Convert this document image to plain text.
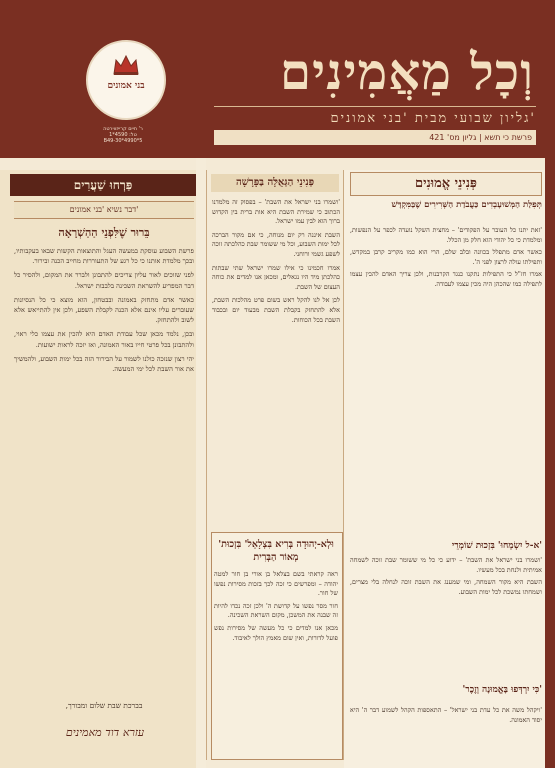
בני אמונים
ר' חיים קרייזווירטה
טל: 4590*1
B49-30*4990*5
וְכָל מַאֲמִינִים
גליון שבועי מבית 'בני אמונים'
פרשת כי תשא | גליון מס' 421
פַּרְחוּ שַׁעֲרִים
דבר נשיא 'בני אמונים'
בֵּרוּר שֶׁלִּפְנֵי הַהַשְׁרָאָה

פרשת השבוע עוסקת במעשה העגל והתוצאות הקשות שבאו בעקבותיו, ובכך מלמדת אותנו כי כל רגע של התעוררות מחייב הכנה ובירור.

לפני שזוכים לאור עליון צריכים להתבונן ולברר את המקום, ולהסיר כל דבר המפריע להשראת השכינה בלבבות ישראל.

כאשר אדם מתחזק באמונה ובבטחון, הוא מוצא כי כל הנסיונות שעוברים עליו אינם אלא הכנה לקבלת השפע, ולכן אין להתייאש אלא לשוב ולהתחזק.

ובכן, נלמד מכאן שכל עבודת האדם היא להכין את עצמו כלי ראוי, ולהתבונן בכל פרטי חייו באור האמונה, ואז יזכה לראות ישועות.

יהי רצון שנזכה כולנו לשמור על הבירור הזה בכל ימות השבוע, ולהמשיך את אור השבת לכל ימי המעשה.

בברכת שבת שלום ומבורך,
עזרא דוד מאמינים
פְּנִינֵי הַגְּאֻלָּה בַּפָּרָשָׁה

'ושמרו בני ישראל את השבת' – בפסוק זה מלמדנו הכתוב כי שמירת השבת היא אות ברית בין הקדוש ברוך הוא לבין עמו ישראל.

השבת איננה רק יום מנוחה, כי אם מקור הברכה לכל ימות השבוע, וכל מי ששומר שבת כהלכתה זוכה לשפע גשמי ורוחני.

אמרו חכמינו כי אילו שמרו ישראל שתי שבתות כהלכתן מיד היו נגאלים, ומכאן אנו למדים את כוחה העצום של השבת.

לכן אל לנו להקל ראש בשום פרט מהלכות השבת, אלא להתחזק בקבלת השבת מבעוד יום ובכבוד השבת בכל הכוחות.

'וּלְא-יְהוּדָה בְּרִיא בִּצְלָאֵל' בִּזְכוּת מְאוֹר הַבְּרִית

ראה קראתי בשם בצלאל בן אורי בן חור למטה יהודה – ומפרשים כי זכה לכך בזכות מסירות נפשו של חור.

חור מסר נפשו על קדושת ה' ולכן זכה נכדו להיות זה שבנה את המשכן, מקום השראת השכינה.

מכאן אנו למדים כי כל מעשה של מסירות נפש פועל לדורות, ואין שום מאמץ הולך לאיבוד.

פְּנִינֵי אֱמוּנִים
תְּפִלַּת הַמְּשׁוּעָבְדִים כַּעֲבֹדַת הַשְּׁרִירִים שֶׁבַּמִּקְדָּשׁ

'זאת יתנו כל העובר על הפקודים' – מחצית השקל נועדה לכפר על הנפשות, ומלמדת כי כל יהודי הוא חלק מן הכלל.

כאשר אדם מתפלל בכוונה ובלב שלם, הרי הוא כמו מקריב קרבן במקדש, ותפילתו עולה לרצון לפני ה'.

אמרו חז"ל כי התפילות נתקנו כנגד הקרבנות, ולכן צריך האדם להכין עצמו לתפילה כמו שהכהן היה מכין עצמו לעבודה.

'א-ל יִשְׂמְחוּ' בִּזְכוּת שׁוֹמְרֵי

'ושמרו בני ישראל את השבת' – ידוע כי כל מי ששומר שבת זוכה לשמחה אמיתית ולנחת בכל מעשיו.

השבת היא מקור השמחה, ומי שמענג את השבת זוכה לנחלה בלי מצרים, ושמחתו נמשכת לכל ימות השבוע.

'כִּי יִרְדְּפוּ בָּאֱמוּנָה וְזֶכֶר'

'ויקהל משה את כל עדת בני ישראל' – התאספות הקהל לשמוע דבר ה' היא יסוד האמונה.
